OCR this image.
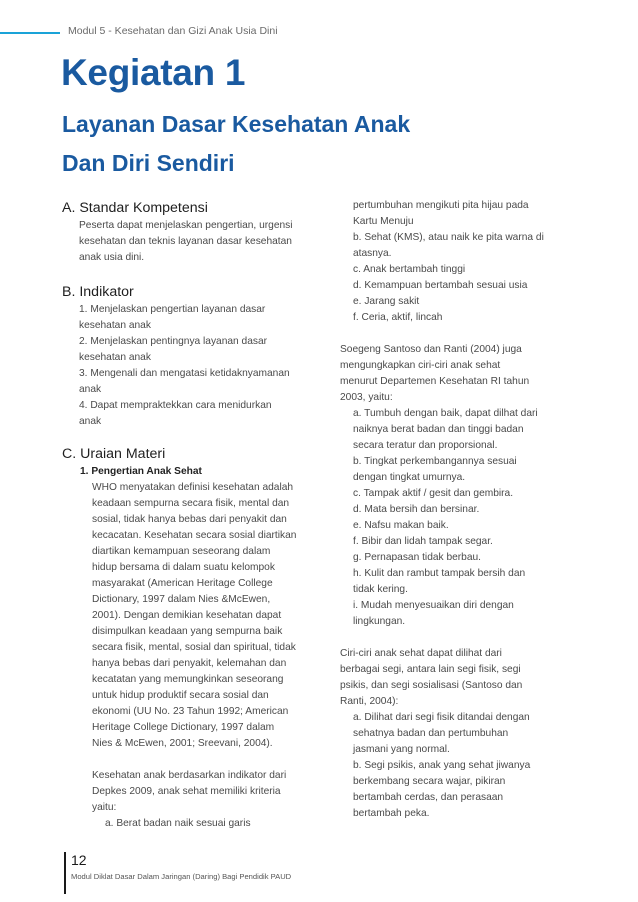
Modul 5 - Kesehatan dan Gizi Anak Usia Dini
Kegiatan 1
Layanan Dasar Kesehatan Anak
Dan Diri Sendiri
A. Standar Kompetensi
Peserta dapat menjelaskan pengertian, urgensi
kesehatan dan teknis layanan dasar kesehatan
anak usia dini.
B. Indikator
1. Menjelaskan pengertian layanan dasar
kesehatan anak
2. Menjelaskan pentingnya layanan dasar
kesehatan anak
3. Mengenali dan mengatasi ketidaknyamanan
anak
4. Dapat mempraktekkan cara menidurkan
anak
C. Uraian Materi
1. Pengertian Anak Sehat
WHO menyatakan definisi kesehatan adalah
keadaan sempurna secara fisik, mental dan
sosial, tidak hanya bebas dari penyakit dan
kecacatan. Kesehatan secara sosial diartikan
diartikan kemampuan seseorang dalam
hidup bersama di dalam suatu kelompok
masyarakat (American Heritage College
Dictionary, 1997 dalam Nies &McEwen,
2001). Dengan demikian kesehatan dapat
disimpulkan keadaan yang sempurna baik
secara fisik, mental, sosial dan spiritual, tidak
hanya bebas dari penyakit, kelemahan dan
kecatatan yang memungkinkan seseorang
untuk hidup produktif secara sosial dan
ekonomi (UU No. 23 Tahun 1992; American
Heritage College Dictionary, 1997 dalam
Nies & McEwen, 2001; Sreevani, 2004).
Kesehatan anak berdasarkan indikator dari
Depkes 2009, anak sehat memiliki kriteria
yaitu:
a. Berat badan naik sesuai garis
pertumbuhan mengikuti pita hijau pada
Kartu Menuju
b. Sehat (KMS), atau naik ke pita warna di
atasnya.
c. Anak bertambah tinggi
d. Kemampuan bertambah sesuai usia
e. Jarang sakit
f. Ceria, aktif, lincah
Soegeng Santoso dan Ranti (2004) juga
mengungkapkan ciri-ciri anak sehat
menurut Departemen Kesehatan RI tahun
2003, yaitu:
a. Tumbuh dengan baik, dapat dilhat dari
naiknya berat badan dan tinggi badan
secara teratur dan proporsional.
b. Tingkat perkembangannya sesuai
dengan tingkat umurnya.
c. Tampak aktif / gesit dan gembira.
d. Mata bersih dan bersinar.
e. Nafsu makan baik.
f. Bibir dan lidah tampak segar.
g. Pernapasan tidak berbau.
h. Kulit dan rambut tampak bersih dan
tidak kering.
i. Mudah menyesuaikan diri dengan
lingkungan.
Ciri-ciri anak sehat dapat dilihat dari
berbagai segi, antara lain segi fisik, segi
psikis, dan segi sosialisasi (Santoso dan
Ranti, 2004):
a. Dilihat dari segi fisik ditandai dengan
sehatnya badan dan pertumbuhan
jasmani yang normal.
b. Segi psikis, anak yang sehat jiwanya
berkembang secara wajar, pikiran
bertambah cerdas, dan perasaan
bertambah peka.
12
Modul Diklat Dasar Dalam Jaringan (Daring) Bagi Pendidik PAUD
